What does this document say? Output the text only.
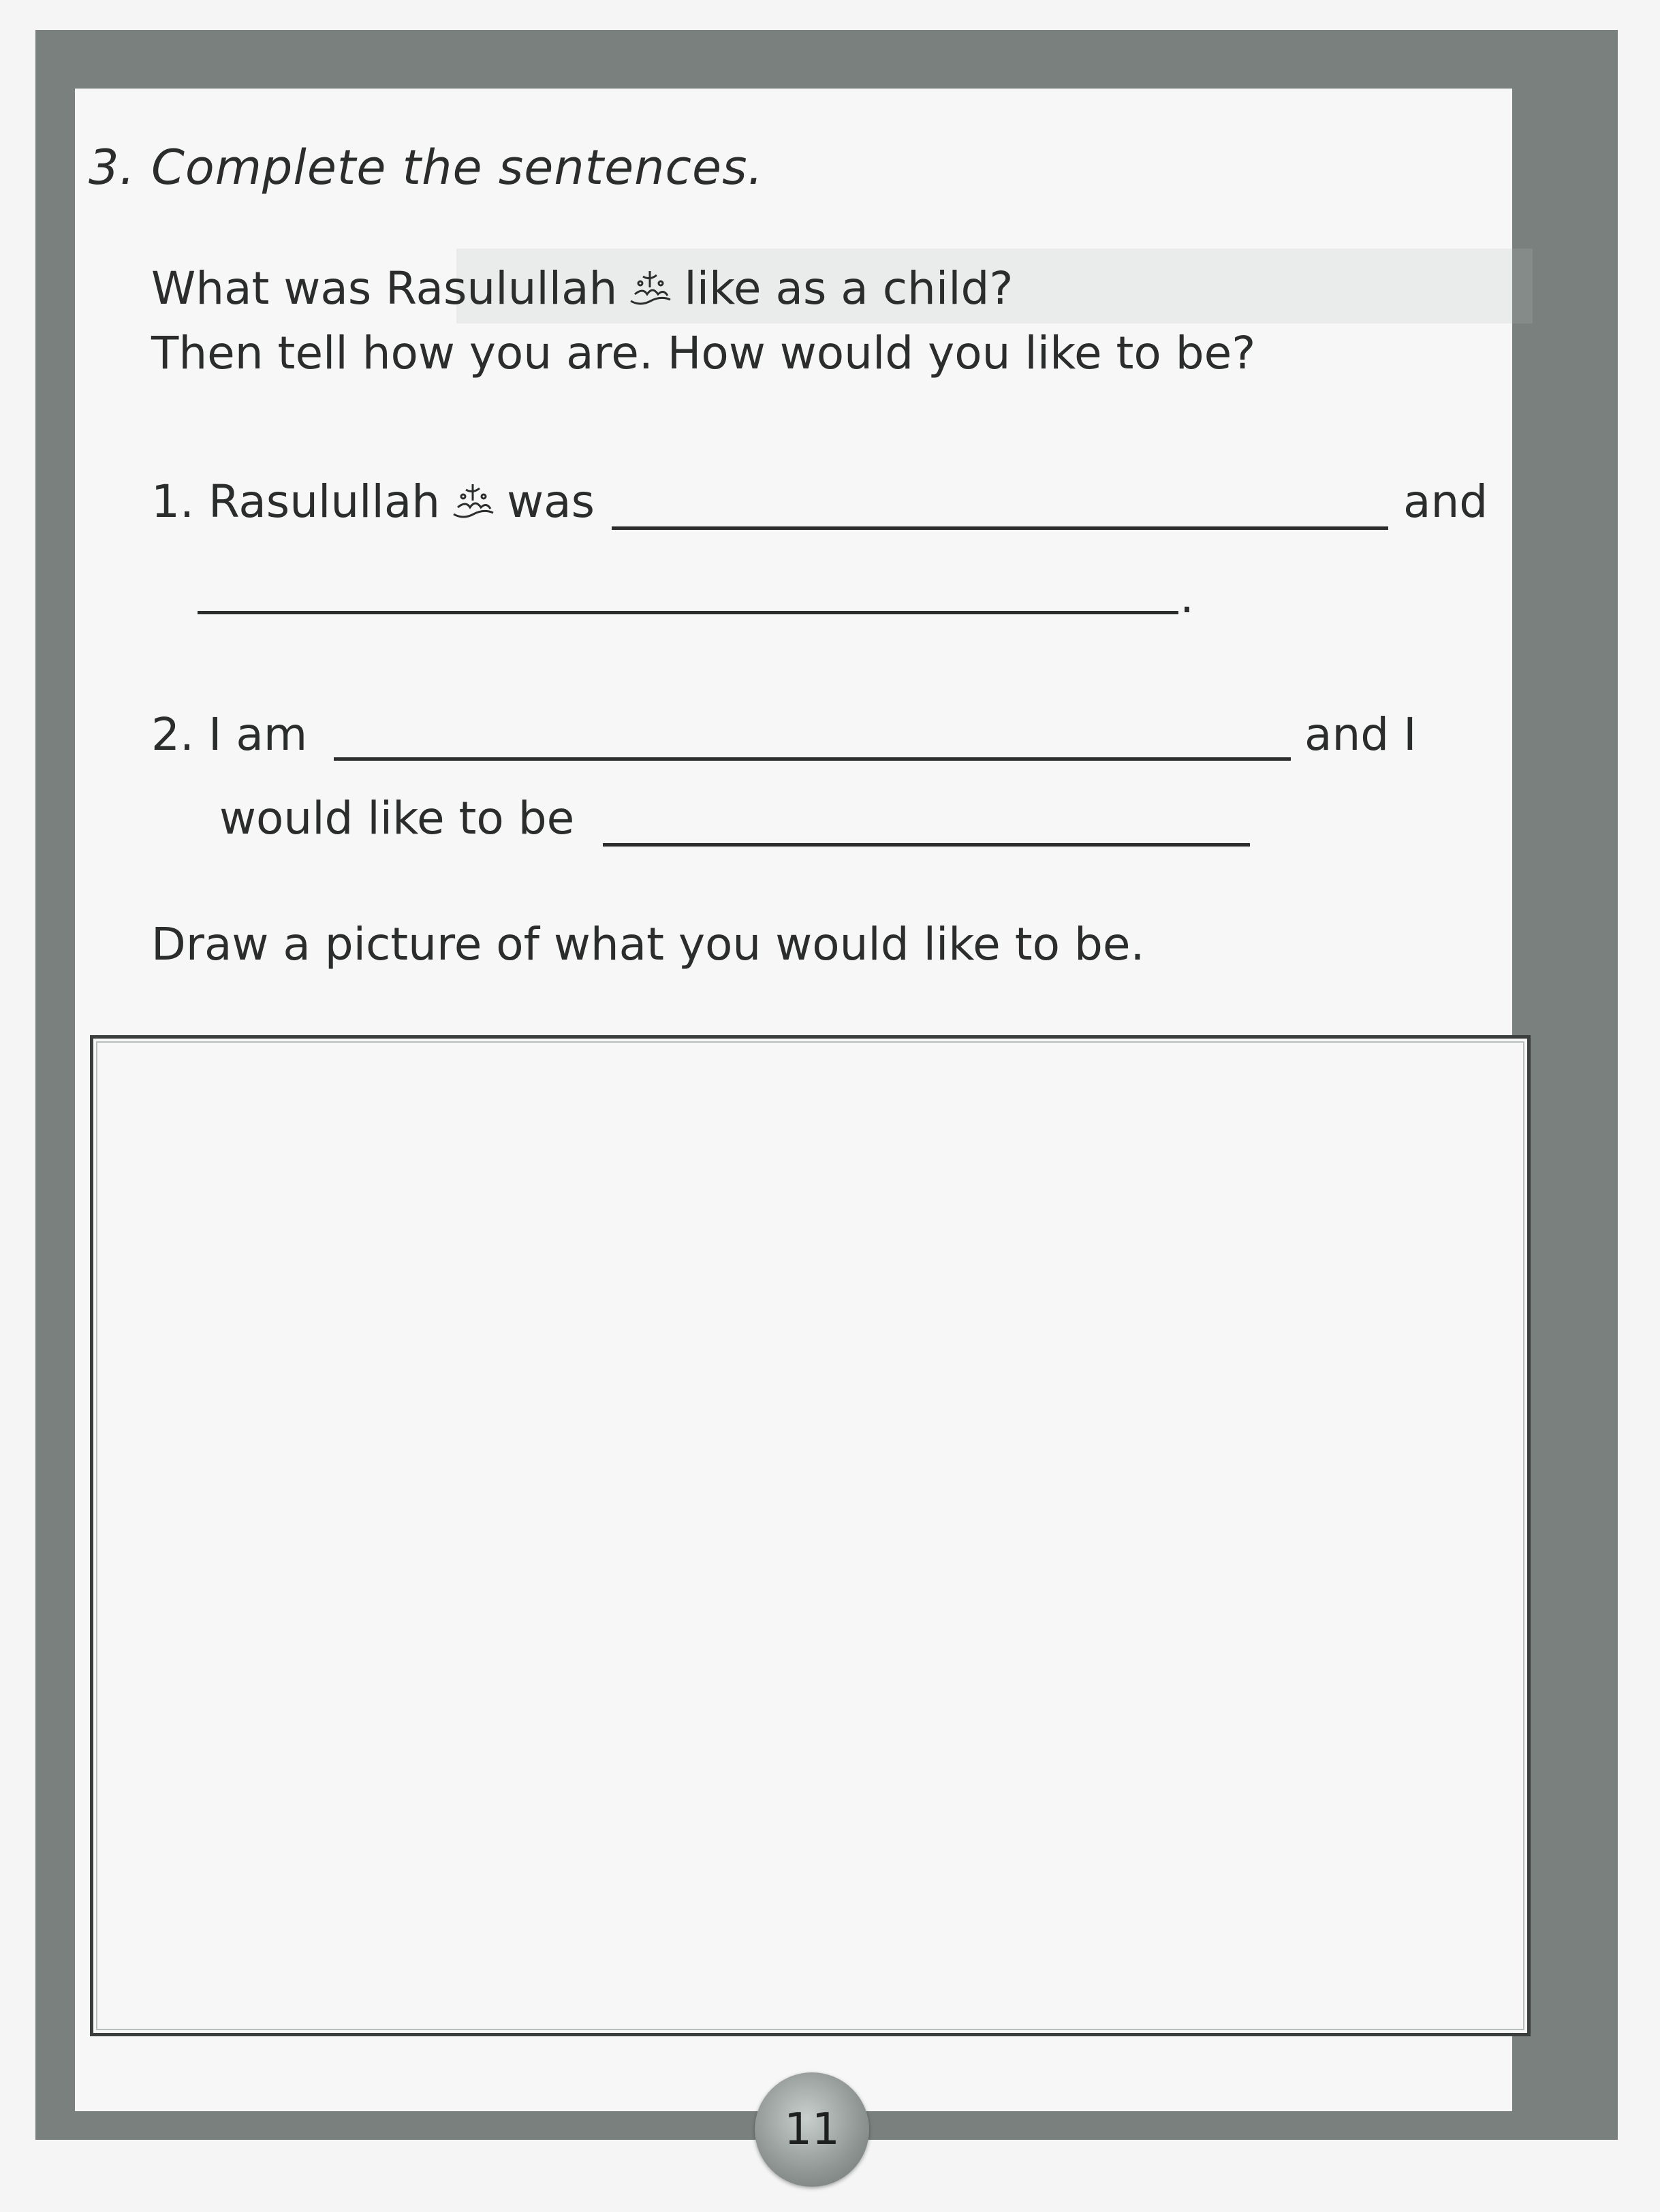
3. Complete the sentences.
What was Rasulullah like as a child?
Then tell how you are. How would you like to be?
1. Rasulullah was	and
.
2. I am	and I
would like to be
Draw a picture of what you would like to be.
11
